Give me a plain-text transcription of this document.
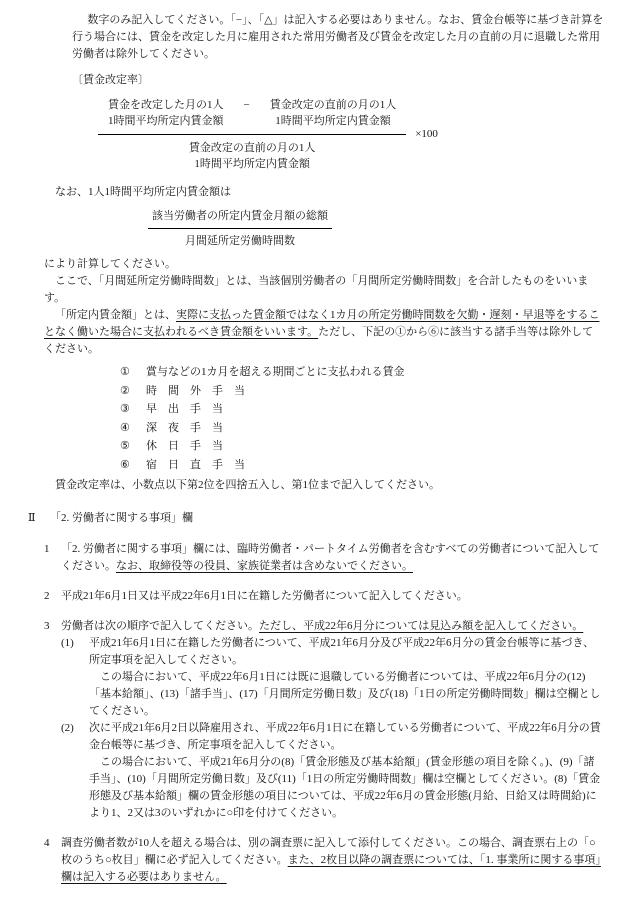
数字のみ記入してください。「−」、「△」は記入する必要はありません。なお、賃金台帳等に基づき計算を行う場合には、賃金を改定した月に雇用された常用労働者及び賃金を改定した月の直前の月に退職した常用労働者は除外してください。

〔賃金改定率〕

賃金を改定した月の1人
1時間平均所定内賃金額
− 賃金改定の直前の月の1人
1時間平均所定内賃金額
賃金改定の直前の月の1人
1時間平均所定内賃金額
×100

なお、1人1時間平均所定内賃金額は

該当労働者の所定内賃金月額の総額
月間延所定労働時間数

により計算してください。

ここで、「月間延所定労働時間数」とは、当該個別労働者の「月間所定労働時間数」を合計したものをいいます。

「所定内賃金額」とは、実際に支払った賃金額ではなく1カ月の所定労働時間数を欠勤・遅刻・早退等をすることなく働いた場合に支払われるべき賃金額をいいます。ただし、下記の①から⑥に該当する諸手当等は除外してください。

①	賞与などの1カ月を超える期間ごとに支払われる賃金
②	時　間　外　手　当
③	早　出　手　当
④	深　夜　手　当
⑤	休　日　手　当
⑥	宿　日　直　手　当

賃金改定率は、小数点以下第2位を四捨五入し、第1位まで記入してください。

Ⅱ	「2. 労働者に関する事項」欄
1	「2. 労働者に関する事項」欄には、臨時労働者・パートタイム労働者を含むすべての労働者について記入してください。なお、取締役等の役員、家族従業者は含めないでください。
2	平成21年6月1日又は平成22年6月1日に在籍した労働者について記入してください。
3	労働者は次の順序で記入してください。ただし、平成22年6月分については見込み額を記入してください。

(1)	平成21年6月1日に在籍した労働者について、平成21年6月分及び平成22年6月分の賃金台帳等に基づき、所定事項を記入してください。

この場合において、平成22年6月1日には既に退職している労働者については、平成22年6月分の(12)「基本給額」、(13)「諸手当」、(17)「月間所定労働日数」及び(18)「1日の所定労働時間数」欄は空欄としてください。

(2)	次に平成21年6月2日以降雇用され、平成22年6月1日に在籍している労働者について、平成22年6月分の賃金台帳等に基づき、所定事項を記入してください。

この場合において、平成21年6月分の(8)「賃金形態及び基本給額」(賃金形態の項目を除く。)、(9)「諸手当」、(10)「月間所定労働日数」及び(11)「1日の所定労働時間数」欄は空欄としてください。(8)「賃金形態及び基本給額」欄の賃金形態の項目については、平成22年6月の賃金形態(月給、日給又は時間給)により1、2又は3のいずれかに○印を付けてください。

4	調査労働者数が10人を超える場合は、別の調査票に記入して添付してください。この場合、調査票右上の「○枚のうち○枚目」欄に必ず記入してください。また、2枚目以降の調査票については、「1. 事業所に関する事項」欄は記入する必要はありません。
